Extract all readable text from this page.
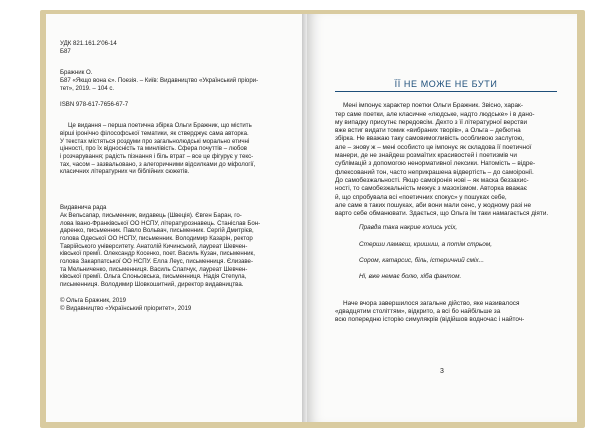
УДК 821.161.2'06-14

Б87

Бражник О.

Б87 «Якщо вона є». Поезія. – Київ: Видавництво «Український пріори-

тет», 2019. – 104 с.

ISBN 978-617-7656-67-7

Це видання – перша поетична збірка Ольги Бражник, що містить

вірші іронічно філософської тематики, як стверджує сама авторка.

У текстах містяться роздуми про загальнолюдські морально етичні

цінності, про їх відносність та минлівість. Сфера почуттів – любов

і розчарування; радість пізнання і біль втрат – все це фігурує у текс-

тах, часом – зазвальовано, з алегоричними відсилками до міфології,

класичних літературних чи біблійних сюжетів.

Видавнича рада

Ак Вельсапар, письменник, видавець (Швеція). Євген Баран, го-

лова Івано-Франківської ОО НСПУ, літературознавець. Станіслав Бон-

даренко, письменник. Павло Вольвач, письменник. Сергій Дмитрієв,

голова Одеської ОО НСПУ, письменник. Володимир Казарін, ректор

Таврійського університету. Анатолій Кичинський, лауреат Шевчен-

ківської премії. Олександр Косенко, поет. Василь Кузан, письменник,

голова Закарпатської ОО НСПУ. Елла Леус, письменниця. Єлизаве-

та Мельниченко, письменниця. Василь Слапчук, лауреат Шевчен-

ківської премії. Ольга Слоньовська, письменниця. Надія Степула,

письменниця. Володимир Шовкошитний, директор видавництва.

© Ольга Бражник, 2019

© Видавництво «Український пріоритет», 2019

ЇЇ НЕ МОЖЕ НЕ БУТИ

Мені імпонує характер поетки Ольги Бражник. Звісно, харак-

тер саме поетки, але класичне «людське, надто людське» і в дано-

му випадку присутнє передовсім. Дехто з її літературної верстви

вже встиг видати томик «вибраних творів», а Ольга – дебютна

збірка. Не вважаю таку самовимогливість особливою заслугою,

але – знову ж – мені особисто це імпонує як складова її поетичної

манери, де не знайдеш розмаїтих красивостей і поетизмів чи

сублімацій з допомогою ненормативної лексики. Натомість – відре-

флексований тон, часто неприкрашена відвертість – до самоіронії.

До самобезжальності. Якщо самоіронія нові – як маска беззахис-

ності, то самобезжальність межує з мазохізмом. Авторка вважає

й, що спробувала всі «поетичних спокус» у пошуках себе,

але саме в таких пошуках, аби вони мали сенс, у жодному разі не

варто себе обманювати. Здається, що Ольга їм таки намагається діяти.

Правда така накрие колись усіх,
Стерши ламаєш, кришиш, а потім стрьом,
Сором, катарсис, біль, істеричний сміх...
Ні, вже немає болю, хіба фантом.

Наче вчора завершилося загальне дійство, яке називалося

«двадцятим століттям», відкрито, а всі бо найбільше за

всю попередню історію симулякрів (відійшов водночас і найточ-

3
